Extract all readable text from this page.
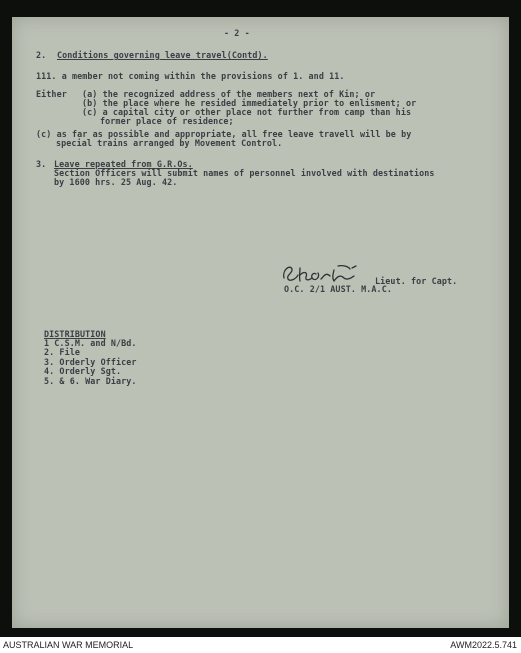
- 2 -

2. Conditions governing leave travel(Contd).

111. a member not coming within the provisions of 1. and 11.

Either (a) the recognized address of the members next of Kin; or

(b) the place where he resided immediately prior to enlisment; or

(c) a capital city or other place not further from camp than his

former place of residence;

(c) as far as possible and appropriate, all free leave travell will be by

special trains arranged by Movement Control.

3. Leave repeated from G.R.Os.

Section Officers will submit names of personnel involved with destinations

by 1600 hrs. 25 Aug. 42.

Lieut. for Capt.

O.C. 2/1 AUST. M.A.C.

DISTRIBUTION

1 C.S.M. and N/Bd.

2. File

3. Orderly Officer

4. Orderly Sgt.

5. & 6. War Diary.

AUSTRALIAN WAR MEMORIAL	AWM2022.5.741
